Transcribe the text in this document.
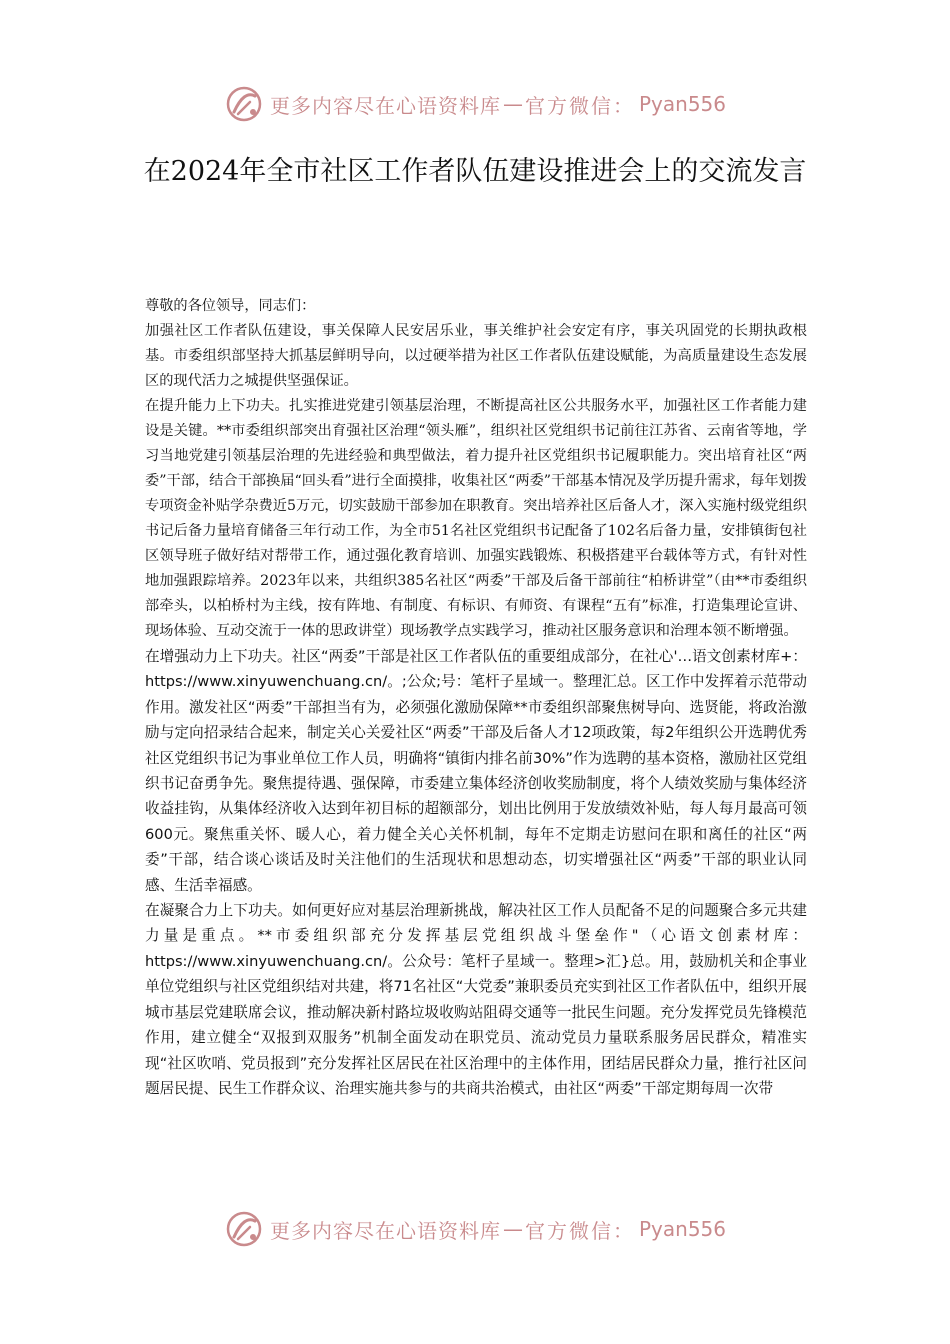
更多内容尽在心语资料库 — 官方微信： Pyan556
在2024年全市社区工作者队伍建设推进会上的交流发言

尊敬的各位领导，同志们：

加强社区工作者队伍建设，事关保障人民安居乐业，事关维护社会安定有序，事关巩固党的长期执政根基。市委组织部坚持大抓基层鲜明导向，以过硬举措为社区工作者队伍建设赋能，为高质量建设生态发展区的现代活力之城提供坚强保证。

在提升能力上下功夫。扎实推进党建引领基层治理，不断提高社区公共服务水平，加强社区工作者能力建设是关键。**市委组织部突出育强社区治理“领头雁”，组织社区党组织书记前往江苏省、云南省等地，学习当地党建引领基层治理的先进经验和典型做法，着力提升社区党组织书记履职能力。突出培育社区“两委”干部，结合干部换届“回头看”进行全面摸排，收集社区“两委”干部基本情况及学历提升需求，每年划拨专项资金补贴学杂费近5万元，切实鼓励干部参加在职教育。突出培养社区后备人才，深入实施村级党组织书记后备力量培育储备三年行动工作，为全市51名社区党组织书记配备了102名后备力量，安排镇街包社区领导班子做好结对帮带工作，通过强化教育培训、加强实践锻炼、积极搭建平台载体等方式，有针对性地加强跟踪培养。2023年以来，共组织385名社区“两委”干部及后备干部前往“柏桥讲堂”（由**市委组织部牵头，以柏桥村为主线，按有阵地、有制度、有标识、有师资、有课程“五有”标准，打造集理论宣讲、现场体验、互动交流于一体的思政讲堂）现场教学点实践学习，推动社区服务意识和治理本领不断增强。

在增强动力上下功夫。社区“两委”干部是社区工作者队伍的重要组成部分，在社心'…语文创素材库+：https://www.xinyuwenchuang.cn/。;公众;号：笔杆子星域一。整理汇总。区工作中发挥着示范带动作用。激发社区“两委”干部担当有为，必须强化激励保障**市委组织部聚焦树导向、选贤能，将政治激励与定向招录结合起来，制定关心关爱社区“两委”干部及后备人才12项政策，每2年组织公开选聘优秀社区党组织书记为事业单位工作人员，明确将“镇街内排名前30%”作为选聘的基本资格，激励社区党组织书记奋勇争先。聚焦提待遇、强保障，市委建立集体经济创收奖励制度，将个人绩效奖励与集体经济收益挂钩，从集体经济收入达到年初目标的超额部分，划出比例用于发放绩效补贴，每人每月最高可领600元。聚焦重关怀、暖人心，着力健全关心关怀机制，每年不定期走访慰问在职和离任的社区“两委”干部，结合谈心谈话及时关注他们的生活现状和思想动态，切实增强社区“两委”干部的职业认同感、生活幸福感。

在凝聚合力上下功夫。如何更好应对基层治理新挑战，解决社区工作人员配备不足的问题聚合多元共建力量是重点。**市委组织部充分发挥基层党组织战斗堡垒作"（心语文创素材库：https://www.xinyuwenchuang.cn/。公众号：笔杆子星域一。整理>汇}总。用，鼓励机关和企事业单位党组织与社区党组织结对共建，将71名社区“大党委”兼职委员充实到社区工作者队伍中，组织开展城市基层党建联席会议，推动解决新村路垃圾收购站阻碍交通等一批民生问题。充分发挥党员先锋模范作用，建立健全“双报到双服务”机制全面发动在职党员、流动党员力量联系服务居民群众，精准实现“社区吹哨、党员报到”充分发挥社区居民在社区治理中的主体作用，团结居民群众力量，推行社区问题居民提、民生工作群众议、治理实施共参与的共商共治模式，由社区“两委”干部定期每周一次带

更多内容尽在心语资料库 — 官方微信： Pyan556
